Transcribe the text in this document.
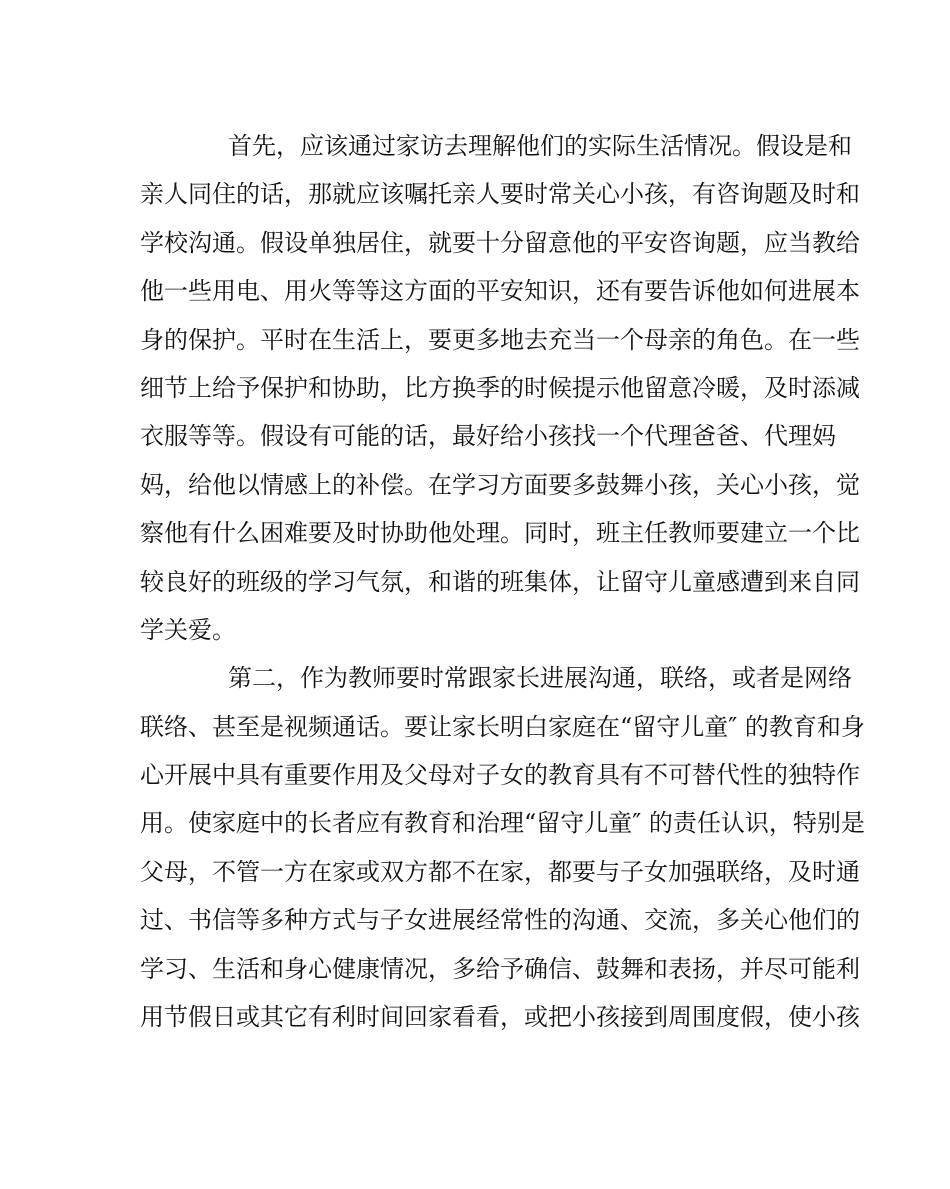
首先，应该通过家访去理解他们的实际生活情况。假设是和
亲人同住的话，那就应该嘱托亲人要时常关心小孩，有咨询题及时和
学校沟通。假设单独居住，就要十分留意他的平安咨询题，应当教给
他一些用电、用火等等这方面的平安知识，还有要告诉他如何进展本
身的保护。平时在生活上，要更多地去充当一个母亲的角色。在一些
细节上给予保护和协助，比方换季的时候提示他留意冷暖，及时添减
衣服等等。假设有可能的话，最好给小孩找一个代理爸爸、代理妈
妈，给他以情感上的补偿。在学习方面要多鼓舞小孩，关心小孩，觉
察他有什么困难要及时协助他处理。同时，班主任教师要建立一个比
较良好的班级的学习气氛，和谐的班集体，让留守儿童感遭到来自同
学关爱。
第二，作为教师要时常跟家长进展沟通，联络，或者是网络
联络、甚至是视频通话。要让家长明白家庭在“留守儿童″ 的教育和身
心开展中具有重要作用及父母对子女的教育具有不可替代性的独特作
用。使家庭中的长者应有教育和治理“留守儿童″ 的责任认识，特别是
父母，不管一方在家或双方都不在家，都要与子女加强联络，及时通
过、书信等多种方式与子女进展经常性的沟通、交流，多关心他们的
学习、生活和身心健康情况，多给予确信、鼓舞和表扬，并尽可能利
用节假日或其它有利时间回家看看，或把小孩接到周围度假，使小孩
